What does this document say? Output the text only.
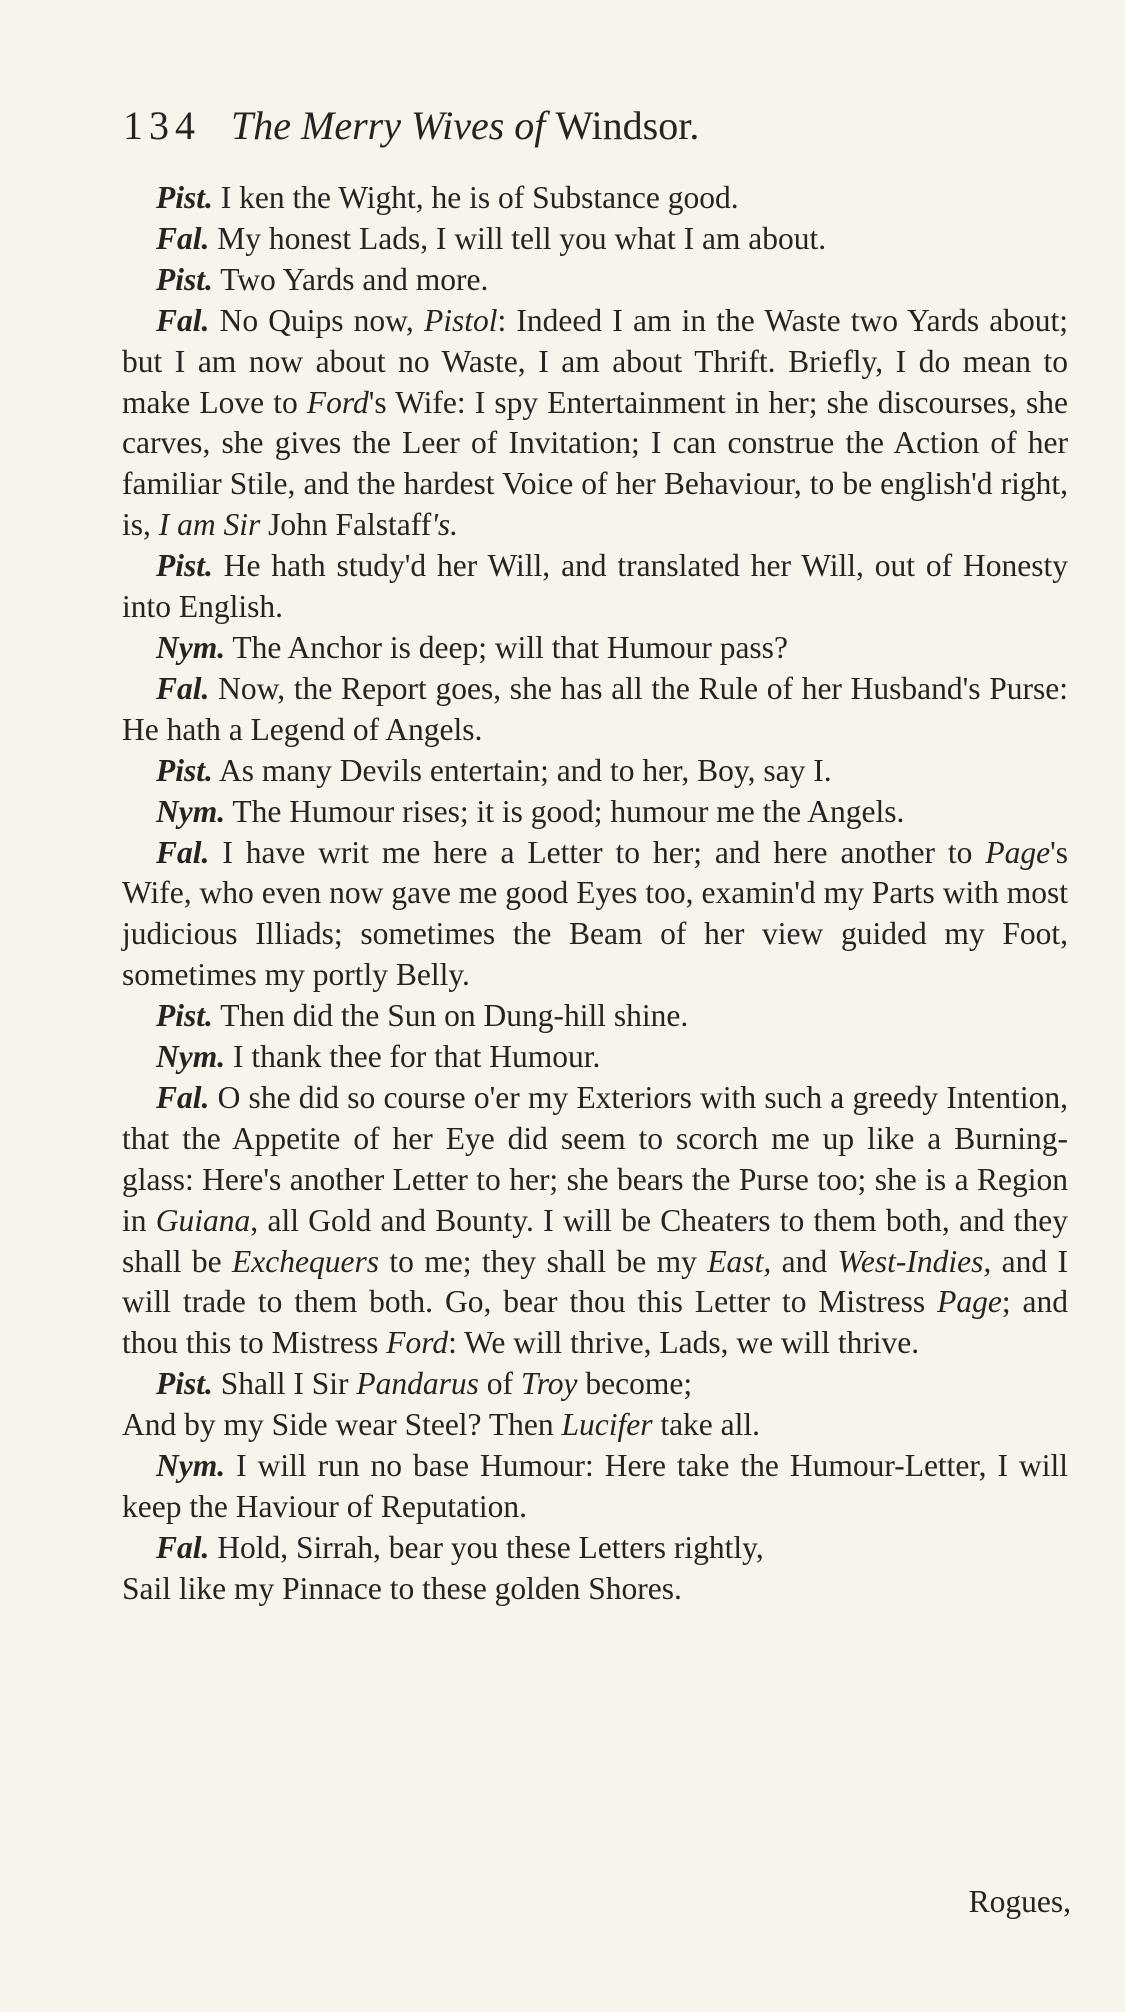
134 The Merry Wives of Windsor.

Pist. I ken the Wight, he is of Substance good.

Fal. My honest Lads, I will tell you what I am about.

Pist. Two Yards and more.

Fal. No Quips now, Pistol: Indeed I am in the Waste two Yards about; but I am now about no Waste, I am about Thrift. Briefly, I do mean to make Love to Ford's Wife: I spy Entertainment in her; she discourses, she carves, she gives the Leer of Invitation; I can construe the Action of her familiar Stile, and the hardest Voice of her Behaviour, to be english'd right, is, I am Sir John Falstaff's.

Pist. He hath study'd her Will, and translated her Will, out of Honesty into English.

Nym. The Anchor is deep; will that Humour pass?

Fal. Now, the Report goes, she has all the Rule of her Husband's Purse: He hath a Legend of Angels.

Pist. As many Devils entertain; and to her, Boy, say I.

Nym. The Humour rises; it is good; humour me the Angels.

Fal. I have writ me here a Letter to her; and here another to Page's Wife, who even now gave me good Eyes too, examin'd my Parts with most judicious Illiads; sometimes the Beam of her view guided my Foot, sometimes my portly Belly.

Pist. Then did the Sun on Dung-hill shine.

Nym. I thank thee for that Humour.

Fal. O she did so course o'er my Exteriors with such a greedy Intention, that the Appetite of her Eye did seem to scorch me up like a Burning-glass: Here's another Letter to her; she bears the Purse too; she is a Region in Guiana, all Gold and Bounty. I will be Cheaters to them both, and they shall be Exchequers to me; they shall be my East, and West-Indies, and I will trade to them both. Go, bear thou this Letter to Mistress Page; and thou this to Mistress Ford: We will thrive, Lads, we will thrive.

Pist. Shall I Sir Pandarus of Troy become;

And by my Side wear Steel? Then Lucifer take all.

Nym. I will run no base Humour: Here take the Humour-Letter, I will keep the Haviour of Reputation.

Fal. Hold, Sirrah, bear you these Letters rightly,

Sail like my Pinnace to these golden Shores.

Rogues,
